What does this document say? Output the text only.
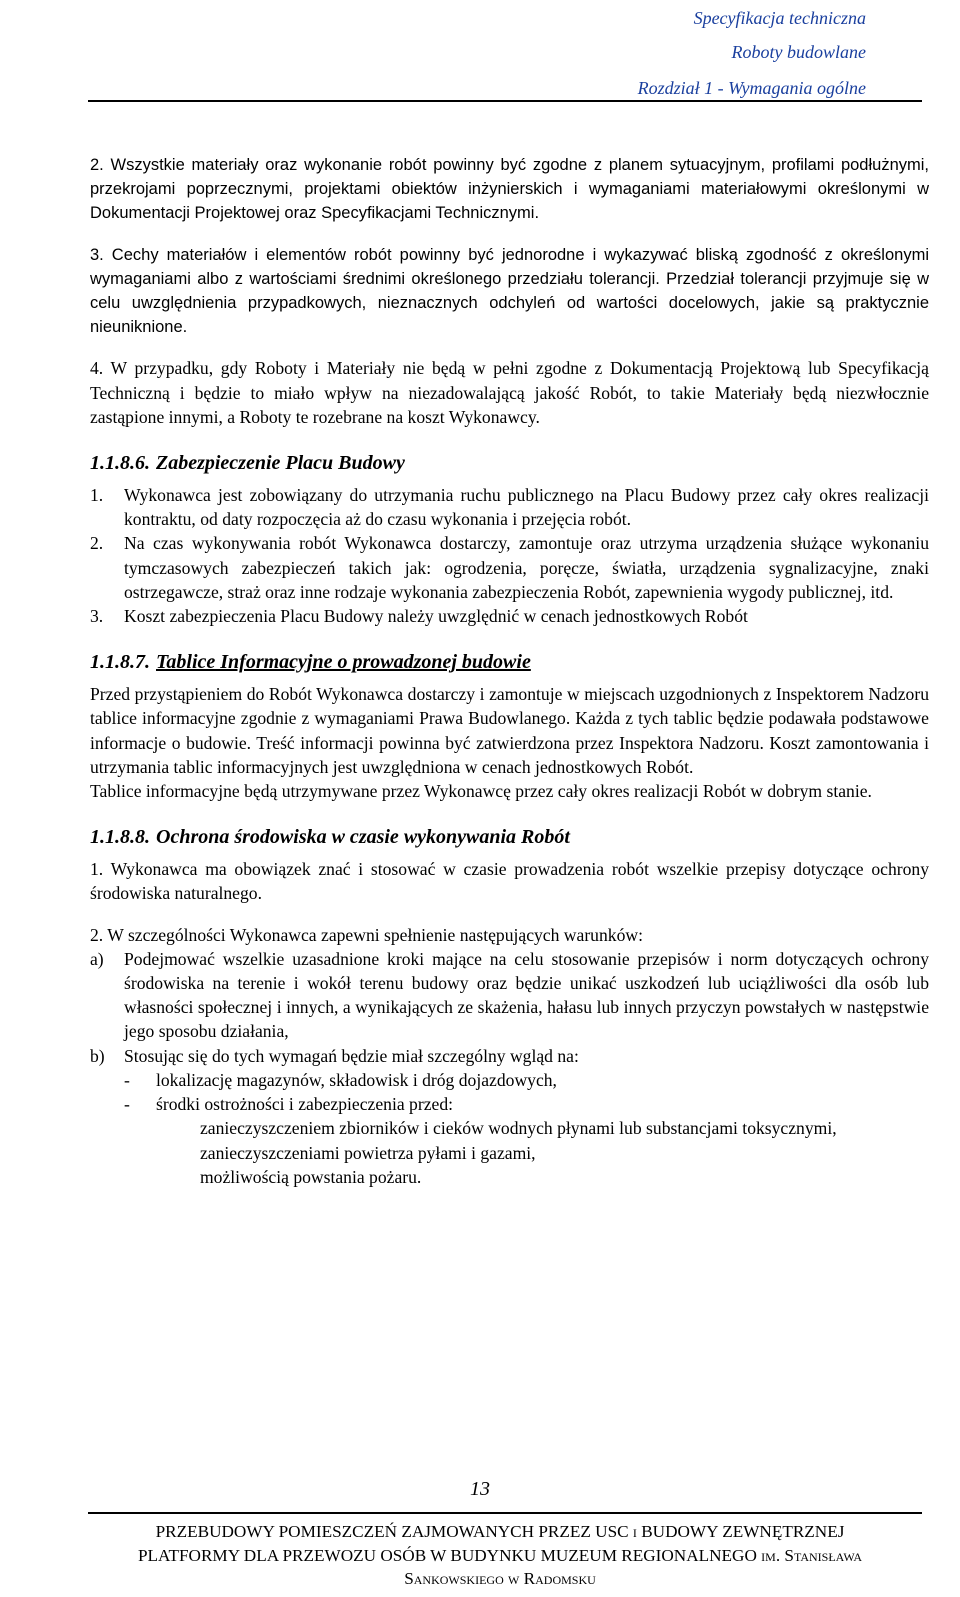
Specyfikacja techniczna
Roboty budowlane
Rozdział 1 - Wymagania ogólne

2. Wszystkie materiały oraz wykonanie robót powinny być zgodne z planem sytuacyjnym, profilami podłużnymi, przekrojami poprzecznymi, projektami obiektów inżynierskich i wymaganiami materiałowymi określonymi w Dokumentacji Projektowej oraz Specyfikacjami Technicznymi.

3. Cechy materiałów i elementów robót powinny być jednorodne i wykazywać bliską zgodność z określonymi wymaganiami albo z wartościami średnimi określonego przedziału tolerancji. Przedział tolerancji przyjmuje się w celu uwzględnienia przypadkowych, nieznacznych odchyleń od wartości docelowych, jakie są praktycznie nieuniknione.

4. W przypadku, gdy Roboty i Materiały nie będą w pełni zgodne z Dokumentacją Projektową lub Specyfikacją Techniczną i będzie to miało wpływ na niezadowalającą jakość Robót, to takie Materiały będą niezwłocznie zastąpione innymi, a Roboty te rozebrane na koszt Wykonawcy.

1.1.8.6. Zabezpieczenie Placu Budowy
1. Wykonawca jest zobowiązany do utrzymania ruchu publicznego na Placu Budowy przez cały okres realizacji kontraktu, od daty rozpoczęcia aż do czasu wykonania i przejęcia robót.
2. Na czas wykonywania robót Wykonawca dostarczy, zamontuje oraz utrzyma urządzenia służące wykonaniu tymczasowych zabezpieczeń takich jak: ogrodzenia, poręcze, światła, urządzenia sygnalizacyjne, znaki ostrzegawcze, straż oraz inne rodzaje wykonania zabezpieczenia Robót, zapewnienia wygody publicznej, itd.
3. Koszt zabezpieczenia Placu Budowy należy uwzględnić w cenach jednostkowych Robót
1.1.8.7. Tablice Informacyjne o prowadzonej budowie
Przed przystąpieniem do Robót Wykonawca dostarczy i zamontuje w miejscach uzgodnionych z Inspektorem Nadzoru tablice informacyjne zgodnie z wymaganiami Prawa Budowlanego. Każda z tych tablic będzie podawała podstawowe informacje o budowie. Treść informacji powinna być zatwierdzona przez Inspektora Nadzoru. Koszt zamontowania i utrzymania tablic informacyjnych jest uwzględniona w cenach jednostkowych Robót.
Tablice informacyjne będą utrzymywane przez Wykonawcę przez cały okres realizacji Robót w dobrym stanie.
1.1.8.8. Ochrona środowiska w czasie wykonywania Robót
1. Wykonawca ma obowiązek znać i stosować w czasie prowadzenia robót wszelkie przepisy dotyczące ochrony środowiska naturalnego.
2. W szczególności Wykonawca zapewni spełnienie następujących warunków:
a) Podejmować wszelkie uzasadnione kroki mające na celu stosowanie przepisów i norm dotyczących ochrony środowiska na terenie i wokół terenu budowy oraz będzie unikać uszkodzeń lub uciążliwości dla osób lub własności społecznej i innych, a wynikających ze skażenia, hałasu lub innych przyczyn powstałych w następstwie jego sposobu działania,
b) Stosując się do tych wymagań będzie miał szczególny wgląd na:
- lokalizację magazynów, składowisk i dróg dojazdowych,
- środki ostrożności i zabezpieczenia przed:
zanieczyszczeniem zbiorników i cieków wodnych płynami lub substancjami toksycznymi,
zanieczyszczeniami powietrza pyłami i gazami,
możliwością powstania pożaru.
13
PRZEBUDOWY POMIESZCZEŃ ZAJMOWANYCH PRZEZ USC i BUDOWY ZEWNĘTRZNEJ
PLATFORMY DLA PRZEWOZU OSÓB W BUDYNKU MUZEUM REGIONALNEGO im. Stanisława
Sankowskiego w Radomsku
